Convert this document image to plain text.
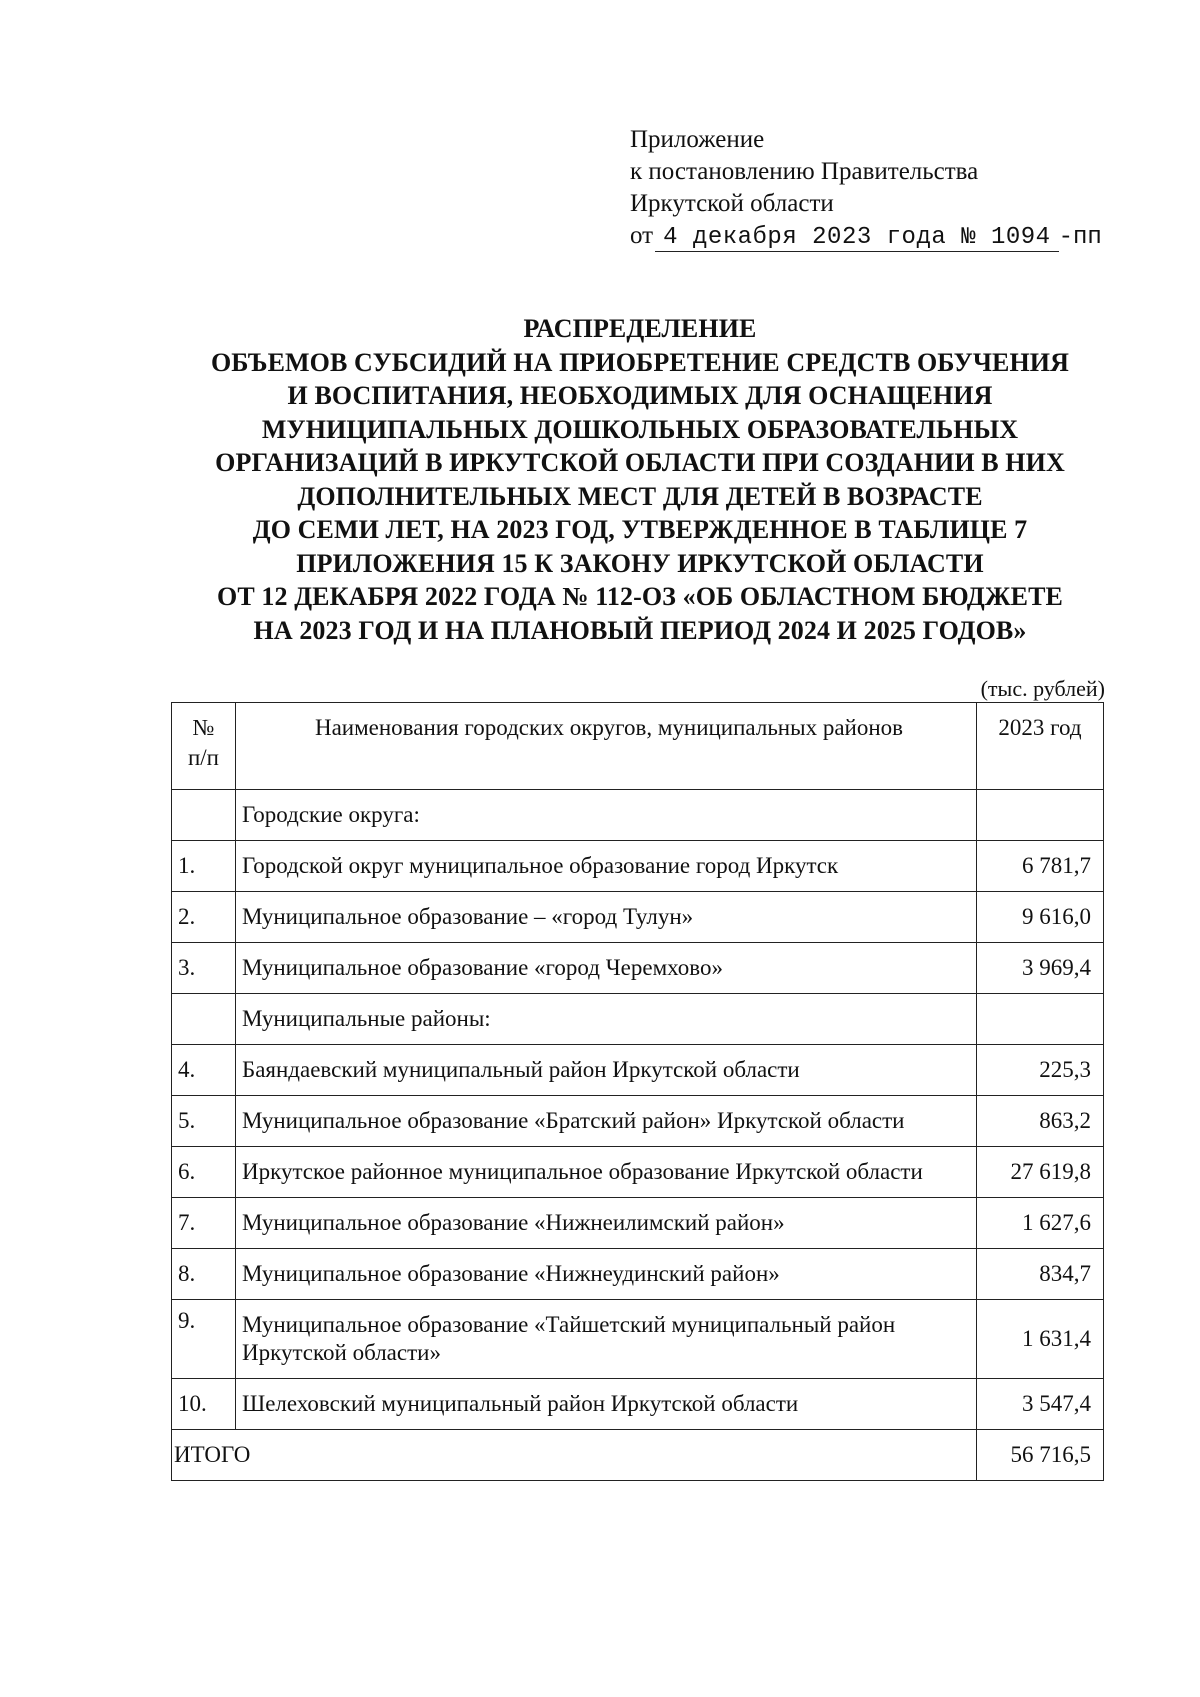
Приложение
к постановлению Правительства
Иркутской области
от 4 декабря 2023 года № 1094 -пп
РАСПРЕДЕЛЕНИЕ
ОБЪЕМОВ СУБСИДИЙ НА ПРИОБРЕТЕНИЕ СРЕДСТВ ОБУЧЕНИЯ
И ВОСПИТАНИЯ, НЕОБХОДИМЫХ ДЛЯ ОСНАЩЕНИЯ
МУНИЦИПАЛЬНЫХ ДОШКОЛЬНЫХ ОБРАЗОВАТЕЛЬНЫХ
ОРГАНИЗАЦИЙ В ИРКУТСКОЙ ОБЛАСТИ ПРИ СОЗДАНИИ В НИХ
ДОПОЛНИТЕЛЬНЫХ МЕСТ ДЛЯ ДЕТЕЙ В ВОЗРАСТЕ
ДО СЕМИ ЛЕТ, НА 2023 ГОД, УТВЕРЖДЕННОЕ В ТАБЛИЦЕ 7
ПРИЛОЖЕНИЯ 15 К ЗАКОНУ ИРКУТСКОЙ ОБЛАСТИ
ОТ 12 ДЕКАБРЯ 2022 ГОДА № 112-ОЗ «ОБ ОБЛАСТНОМ БЮДЖЕТЕ
НА 2023 ГОД И НА ПЛАНОВЫЙ ПЕРИОД 2024 И 2025 ГОДОВ»
(тыс. рублей)
№
п/п	Наименования городских округов, муниципальных районов	2023 год
	Городские округа:	
1.	Городской округ муниципальное образование город Иркутск	6 781,7
2.	Муниципальное образование – «город Тулун»	9 616,0
3.	Муниципальное образование «город Черемхово»	3 969,4
	Муниципальные районы:	
4.	Баяндаевский муниципальный район Иркутской области	225,3
5.	Муниципальное образование «Братский район» Иркутской области	863,2
6.	Иркутское районное муниципальное образование Иркутской области	27 619,8
7.	Муниципальное образование «Нижнеилимский район»	1 627,6
8.	Муниципальное образование «Нижнеудинский район»	834,7
9.	Муниципальное образование «Тайшетский муниципальный район
Иркутской области»	1 631,4
10.	Шелеховский муниципальный район Иркутской области	3 547,4
ИТОГО		56 716,5
